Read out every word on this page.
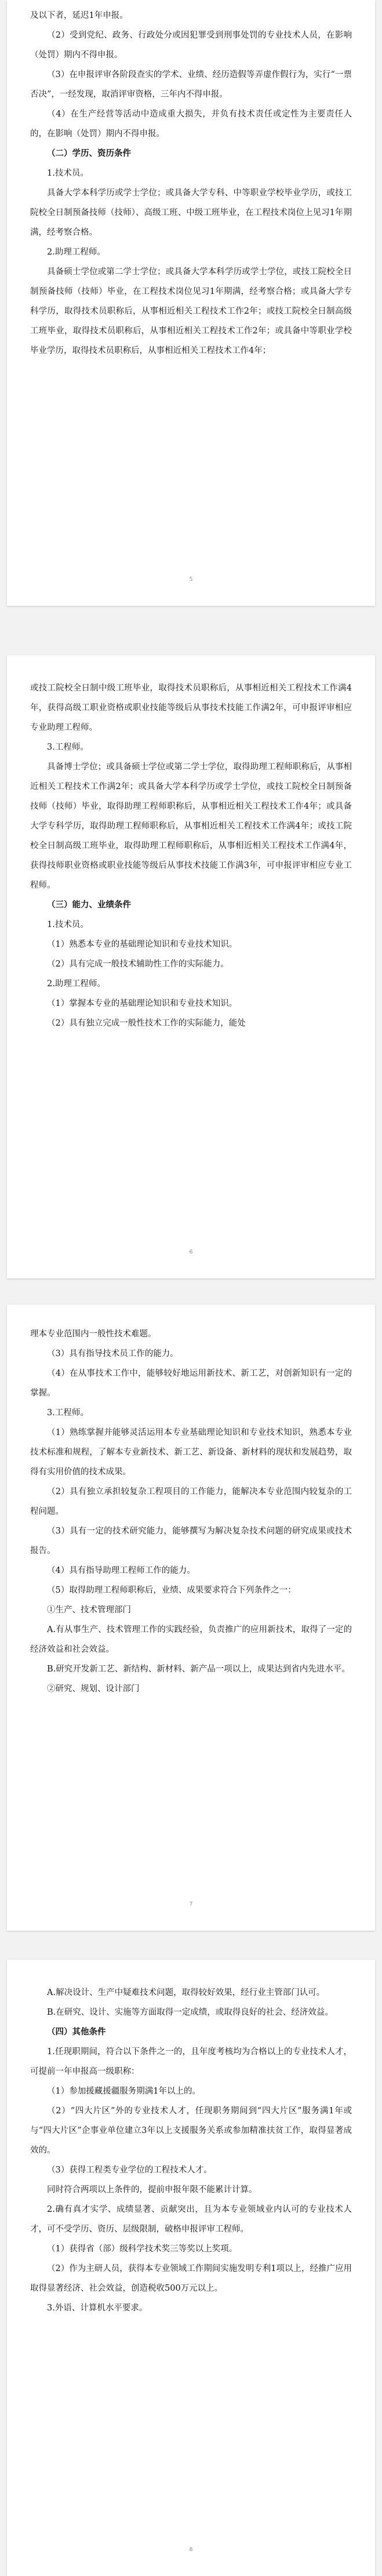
及以下者，延迟1年申报。

（2）受到党纪、政务、行政处分或因犯罪受到刑事处罚的专业技术人员，在影响（处罚）期内不得申报。

（3）在申报评审各阶段查实的学术、业绩、经历造假等弄虚作假行为，实行“一票否决”，一经发现，取消评审资格，三年内不得申报。

（4）在生产经营等活动中造成重大损失，并负有技术责任或定性为主要责任人的，在影响（处罚）期内不得申报。

（二）学历、资历条件

1.技术员。

具备大学本科学历或学士学位；或具备大学专科、中等职业学校毕业学历，或技工院校全日制预备技师（技师）、高级工班、中级工班毕业，在工程技术岗位上见习1年期满，经考察合格。

2.助理工程师。

具备硕士学位或第二学士学位；或具备大学本科学历或学士学位，或技工院校全日制预备技师（技师）毕业，在工程技术岗位见习1年期满，经考察合格；或具备大学专科学历，取得技术员职称后，从事相近相关工程技术工作2年；或技工院校全日制高级工班毕业，取得技术员职称后，从事相近相关工程技术工作2年；或具备中等职业学校毕业学历，取得技术员职称后，从事相近相关工程技术工作4年；

5

或技工院校全日制中级工班毕业，取得技术员职称后，从事相近相关工程技术工作满4年，获得高级工职业资格或职业技能等级后从事技术技能工作满2年，可申报评审相应专业助理工程师。

3.工程师。

具备博士学位；或具备硕士学位或第二学士学位，取得助理工程师职称后，从事相近相关工程技术工作满2年；或具备大学本科学历或学士学位，或技工院校全日制预备技师（技师）毕业，取得助理工程师职称后，从事相近相关工程技术工作4年；或具备大学专科学历，取得助理工程师职称后，从事相近相关工程技术工作满4年；或技工院校全日制高级工班毕业，取得助理工程师职称后，从事相近相关工程技术工作满4年，获得技师职业资格或职业技能等级后从事技术技能工作满3年，可申报评审相应专业工程师。

（三）能力、业绩条件

1.技术员。

（1）熟悉本专业的基础理论知识和专业技术知识。

（2）具有完成一般技术辅助性工作的实际能力。

2.助理工程师。

（1）掌握本专业的基础理论知识和专业技术知识。

（2）具有独立完成一般性技术工作的实际能力，能处

6

理本专业范围内一般性技术难题。

（3）具有指导技术员工作的能力。

（4）在从事技术工作中，能够较好地运用新技术、新工艺，对创新知识有一定的掌握。

3.工程师。

（1）熟练掌握并能够灵活运用本专业基础理论知识和专业技术知识，熟悉本专业技术标准和规程，了解本专业新技术、新工艺、新设备、新材料的现状和发展趋势，取得有实用价值的技术成果。

（2）具有独立承担较复杂工程项目的工作能力，能解决本专业范围内较复杂的工程问题。

（3）具有一定的技术研究能力，能够撰写为解决复杂技术问题的研究成果或技术报告。

（4）具有指导助理工程师工作的能力。

（5）取得助理工程师职称后，业绩、成果要求符合下列条件之一：

①生产、技术管理部门

A.有从事生产、技术管理工作的实践经验，负责推广的应用新技术，取得了一定的经济效益和社会效益。

B.研究开发新工艺、新结构、新材料、新产品一项以上，成果达到省内先进水平。

②研究、规划、设计部门

7

A.解决设计、生产中疑难技术问题，取得较好效果，经行业主管部门认可。

B.在研究、设计、实施等方面取得一定成绩，或取得良好的社会、经济效益。

（四）其他条件

1.任现职期间，符合以下条件之一的，且年度考核均为合格以上的专业技术人才，可提前一年申报高一级职称：

（1）参加援藏援疆服务期满1年以上的。

（2）“四大片区”外的专业技术人才，任现职务期间到“四大片区”服务满1年或与“四大片区”企事业单位建立3年以上支援服务关系或参加精准扶贫工作，取得显著成效的。

（3）获得工程类专业学位的工程技术人才。

同时符合两项以上条件的，提前申报年限不能累计计算。

2.确有真才实学、成绩显著、贡献突出，且为本专业领域业内认可的专业技术人才，可不受学历、资历、层级限制，破格申报评审工程师。

（1）获得省（部）级科学技术奖三等奖以上奖项。

（2）作为主研人员，获得本专业领域工作期间实施发明专利1项以上，经推广应用取得显著经济、社会效益，创造税收500万元以上。

3.外语、计算机水平要求。

8
